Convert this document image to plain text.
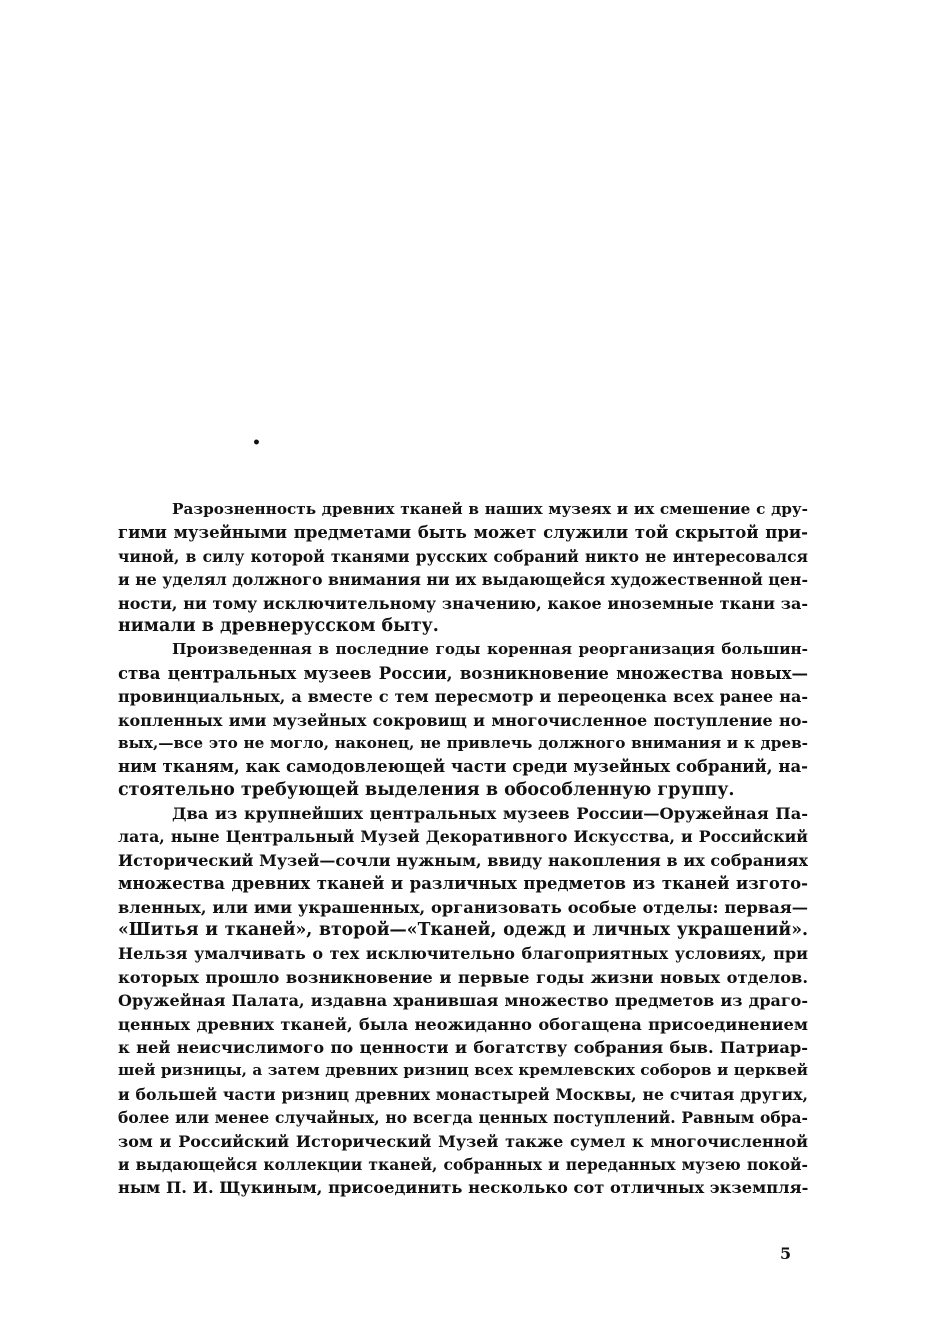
•
Разрозненность древних тканей в наших музеях и их смешение с дру-
гими музейными предметами быть может служили той скрытой при-
чиной, в силу которой тканями русских собраний никто не интересовался
и не уделял должного внимания ни их выдающейся художественной цен-
ности, ни тому исключительному значению, какое иноземные ткани за-
нимали в древнерусском быту.
Произведенная в последние годы коренная реорганизация большин-
ства центральных музеев России, возникновение множества новых—
провинциальных, а вместе с тем пересмотр и переоценка всех ранее на-
копленных ими музейных сокровищ и многочисленное поступление но-
вых,—все это не могло, наконец, не привлечь должного внимания и к древ-
ним тканям, как самодовлеющей части среди музейных собраний, на-
стоятельно требующей выделения в обособленную группу.
Два из крупнейших центральных музеев России—Оружейная Па-
лата, ныне Центральный Музей Декоративного Искусства, и Российский
Исторический Музей—сочли нужным, ввиду накопления в их собраниях
множества древних тканей и различных предметов из тканей изгото-
вленных, или ими украшенных, организовать особые отделы: первая—
«Шитья и тканей», второй—«Тканей, одежд и личных украшений».
Нельзя умалчивать о тех исключительно благоприятных условиях, при
которых прошло возникновение и первые годы жизни новых отделов.
Оружейная Палата, издавна хранившая множество предметов из драго-
ценных древних тканей, была неожиданно обогащена присоединением
к ней неисчислимого по ценности и богатству собрания быв. Патриар-
шей ризницы, а затем древних ризниц всех кремлевских соборов и церквей
и большей части ризниц древних монастырей Москвы, не считая других,
более или менее случайных, но всегда ценных поступлений. Равным обра-
зом и Российский Исторический Музей также сумел к многочисленной
и выдающейся коллекции тканей, собранных и переданных музею покой-
ным П. И. Щукиным, присоединить несколько сот отличных экземпля-
5
